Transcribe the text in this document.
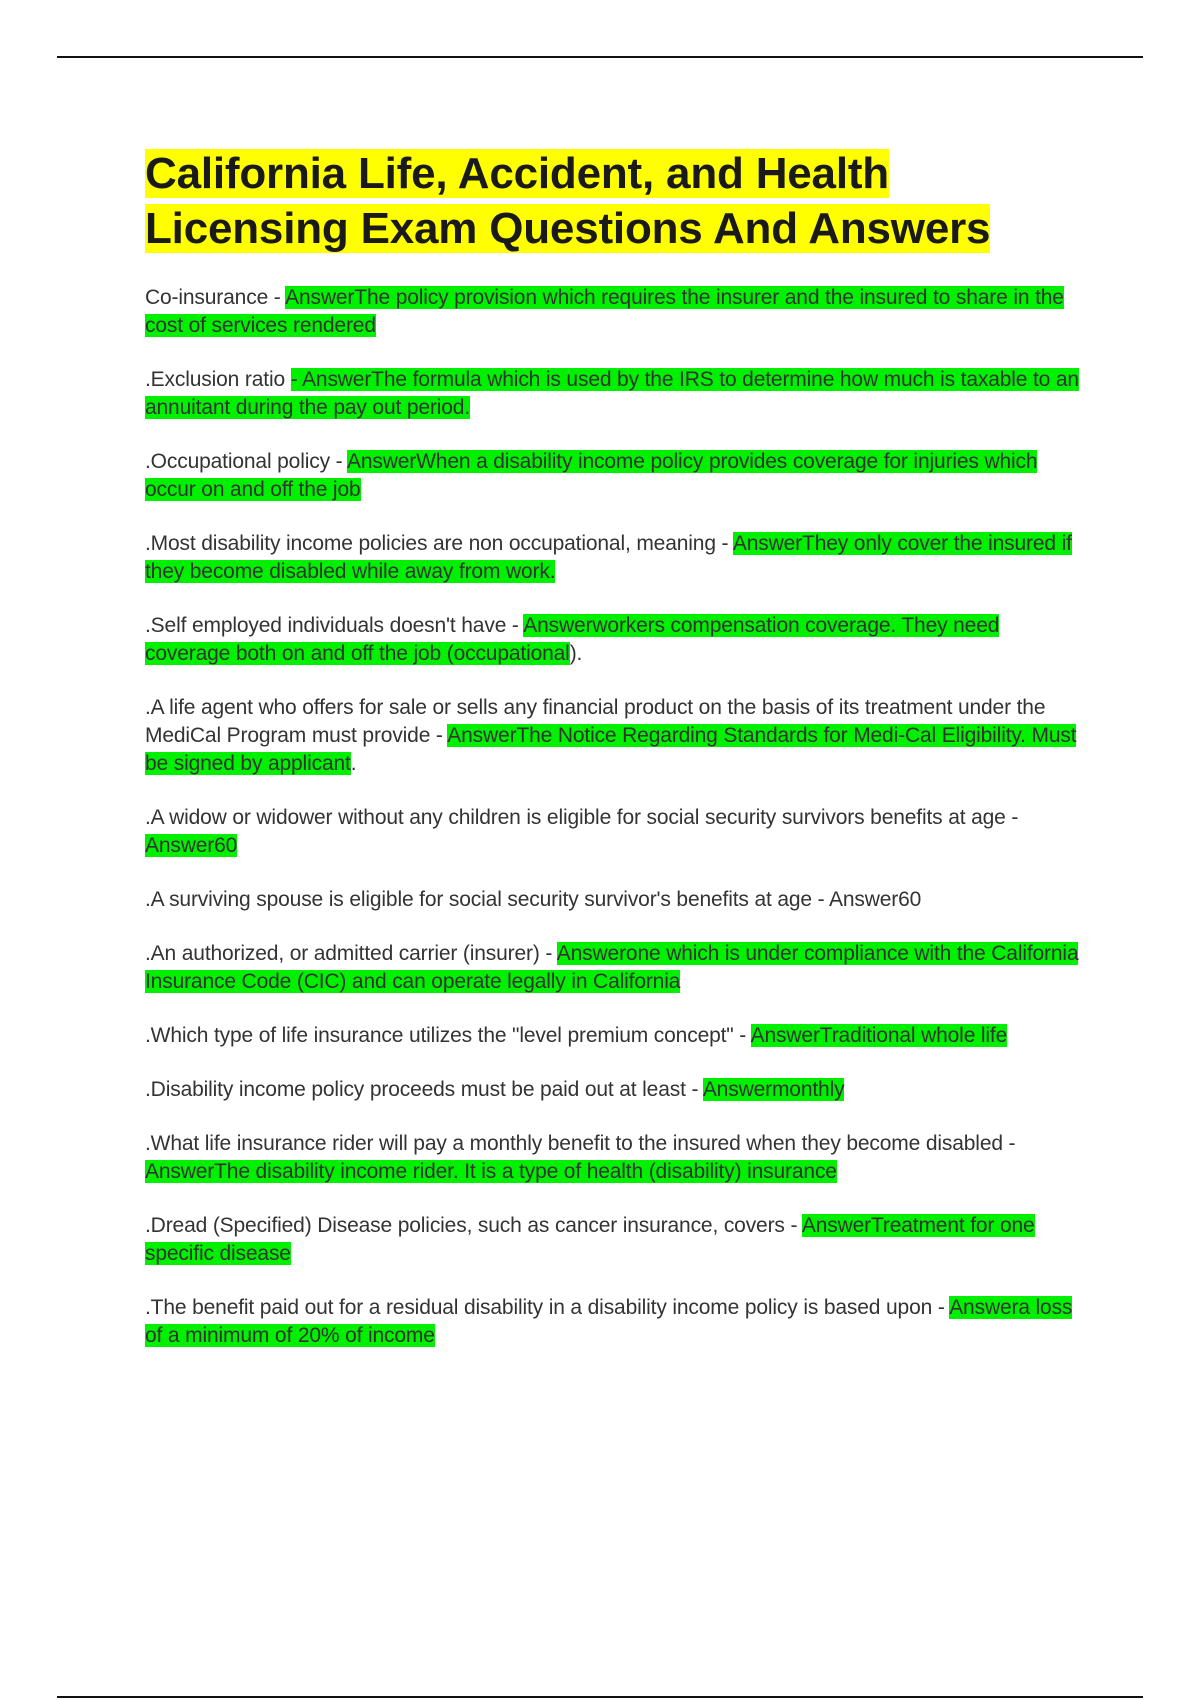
California Life, Accident, and Health Licensing Exam Questions And Answers

Co-insurance - AnswerThe policy provision which requires the insurer and the insured to share in the cost of services rendered

.Exclusion ratio - AnswerThe formula which is used by the IRS to determine how much is taxable to an annuitant during the pay out period.

.Occupational policy - AnswerWhen a disability income policy provides coverage for injuries which occur on and off the job

.Most disability income policies are non occupational, meaning - AnswerThey only cover the insured if they become disabled while away from work.

.Self employed individuals doesn't have - Answerworkers compensation coverage. They need coverage both on and off the job (occupational).

.A life agent who offers for sale or sells any financial product on the basis of its treatment under the MediCal Program must provide - AnswerThe Notice Regarding Standards for Medi-Cal Eligibility. Must be signed by applicant.

.A widow or widower without any children is eligible for social security survivors benefits at age - Answer60

.A surviving spouse is eligible for social security survivor's benefits at age - Answer60

.An authorized, or admitted carrier (insurer) - Answerone which is under compliance with the California Insurance Code (CIC) and can operate legally in California

.Which type of life insurance utilizes the "level premium concept" - AnswerTraditional whole life

.Disability income policy proceeds must be paid out at least - Answermonthly

.What life insurance rider will pay a monthly benefit to the insured when they become disabled - AnswerThe disability income rider. It is a type of health (disability) insurance

.Dread (Specified) Disease policies, such as cancer insurance, covers - AnswerTreatment for one specific disease

.The benefit paid out for a residual disability in a disability income policy is based upon - Answera loss of a minimum of 20% of income
